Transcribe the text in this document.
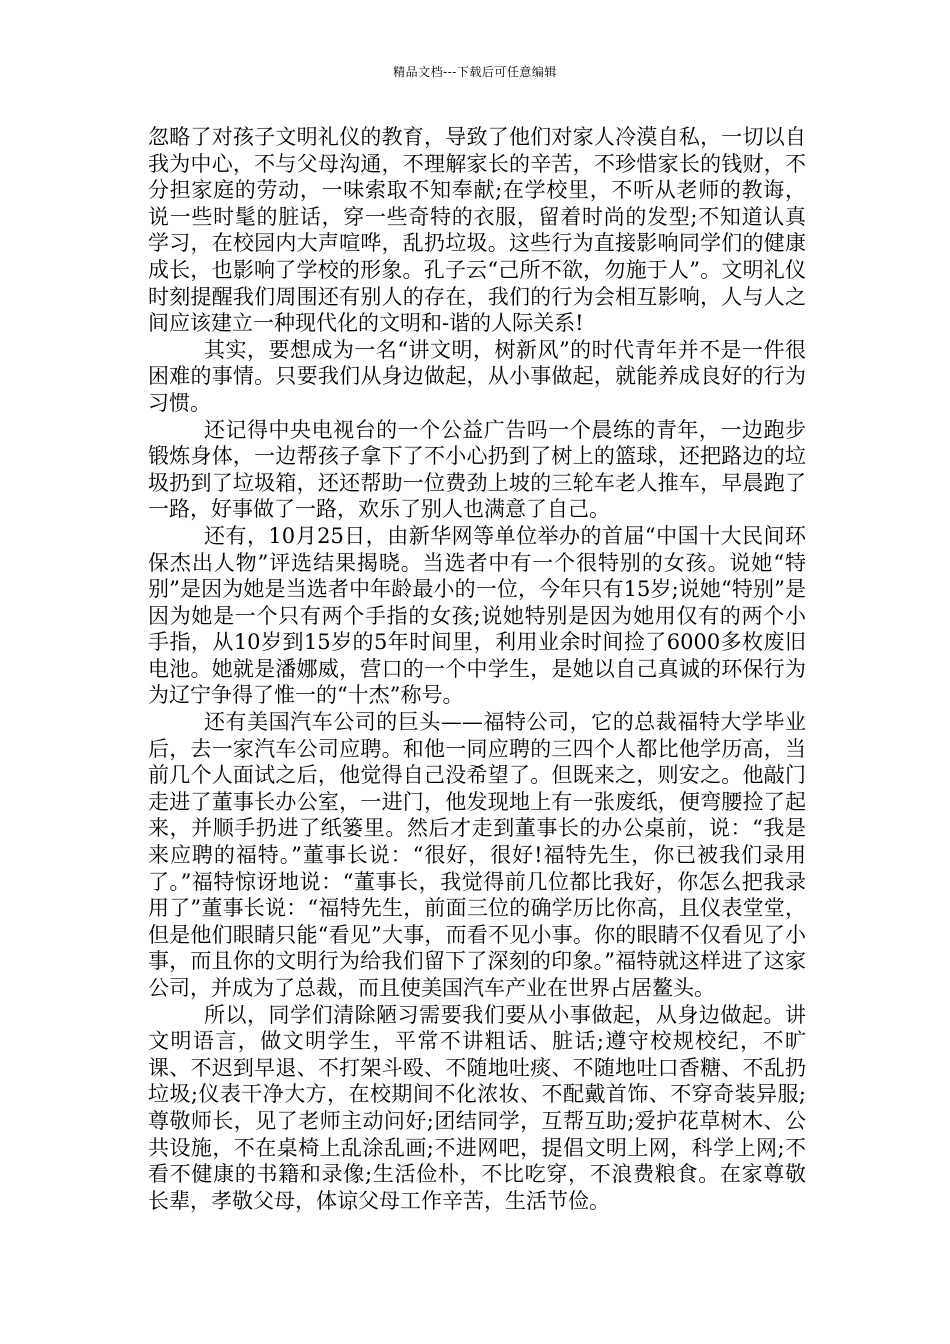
精品文档---下载后可任意编辑

忽略了对孩子文明礼仪的教育，导致了他们对家人冷漠自私，一切以自我为中心，不与父母沟通，不理解家长的辛苦，不珍惜家长的钱财，不分担家庭的劳动，一味索取不知奉献;在学校里，不听从老师的教诲，说一些时髦的脏话，穿一些奇特的衣服，留着时尚的发型;不知道认真学习，在校园内大声喧哗，乱扔垃圾。这些行为直接影响同学们的健康成长，也影响了学校的形象。孔子云“己所不欲，勿施于人”。文明礼仪时刻提醒我们周围还有别人的存在，我们的行为会相互影响，人与人之间应该建立一种现代化的文明和-谐的人际关系!

其实，要想成为一名“讲文明，树新风”的时代青年并不是一件很困难的事情。只要我们从身边做起，从小事做起，就能养成良好的行为习惯。

还记得中央电视台的一个公益广告吗一个晨练的青年，一边跑步锻炼身体，一边帮孩子拿下了不小心扔到了树上的篮球，还把路边的垃圾扔到了垃圾箱，还还帮助一位费劲上坡的三轮车老人推车，早晨跑了一路，好事做了一路，欢乐了别人也满意了自己。

还有，10月25日，由新华网等单位举办的首届“中国十大民间环保杰出人物”评选结果揭晓。当选者中有一个很特别的女孩。说她“特别”是因为她是当选者中年龄最小的一位，今年只有15岁;说她“特别”是因为她是一个只有两个手指的女孩;说她特别是因为她用仅有的两个小手指，从10岁到15岁的5年时间里，利用业余时间捡了6000多枚废旧电池。她就是潘娜威，营口的一个中学生，是她以自己真诚的环保行为为辽宁争得了惟一的“十杰”称号。

还有美国汽车公司的巨头——福特公司，它的总裁福特大学毕业后，去一家汽车公司应聘。和他一同应聘的三四个人都比他学历高，当前几个人面试之后，他觉得自己没希望了。但既来之，则安之。他敲门走进了董事长办公室，一进门，他发现地上有一张废纸，便弯腰捡了起来，并顺手扔进了纸篓里。然后才走到董事长的办公桌前，说：“我是来应聘的福特。”董事长说：“很好，很好!福特先生，你已被我们录用了。”福特惊讶地说：“董事长，我觉得前几位都比我好，你怎么把我录用了”董事长说：“福特先生，前面三位的确学历比你高，且仪表堂堂，但是他们眼睛只能“看见”大事，而看不见小事。你的眼睛不仅看见了小事，而且你的文明行为给我们留下了深刻的印象。”福特就这样进了这家公司，并成为了总裁，而且使美国汽车产业在世界占居鳌头。

所以，同学们清除陋习需要我们要从小事做起，从身边做起。讲文明语言，做文明学生，平常不讲粗话、脏话;遵守校规校纪，不旷课、不迟到早退、不打架斗殴、不随地吐痰、不随地吐口香糖、不乱扔垃圾;仪表干净大方，在校期间不化浓妆、不配戴首饰、不穿奇装异服;尊敬师长，见了老师主动问好;团结同学，互帮互助;爱护花草树木、公共设施，不在桌椅上乱涂乱画;不进网吧，提倡文明上网，科学上网;不看不健康的书籍和录像;生活俭朴，不比吃穿，不浪费粮食。在家尊敬长辈，孝敬父母，体谅父母工作辛苦，生活节俭。
